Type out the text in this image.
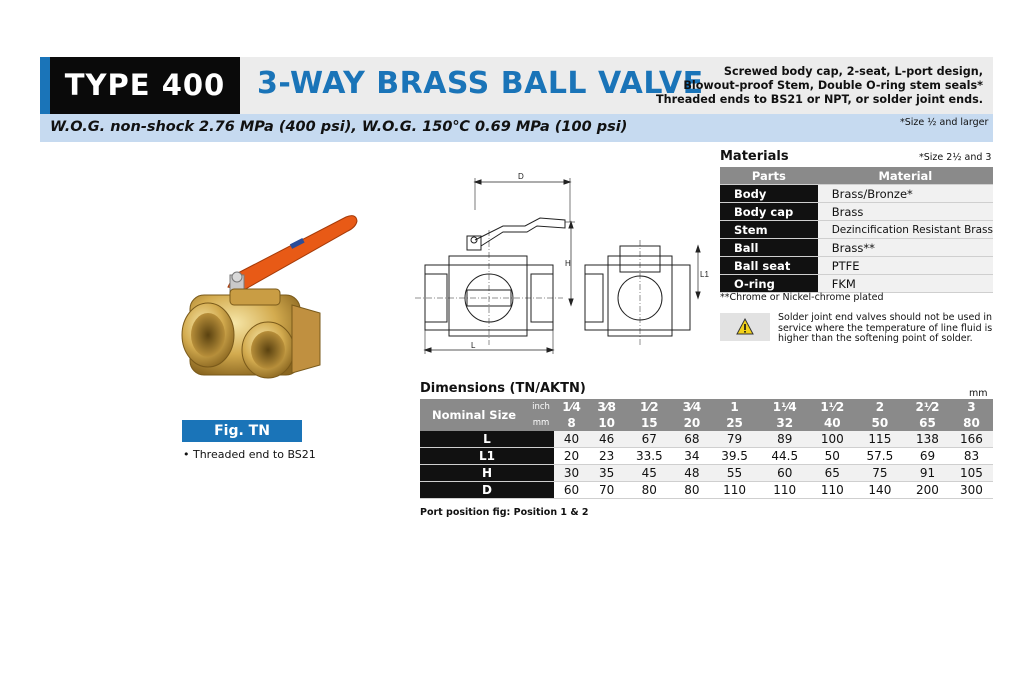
TYPE 400	3-WAY BRASS BALL VALVE	Screwed body cap, 2-seat, L-port design,
Blowout-proof Stem, Double O-ring stem seals*
Threaded ends to BS21 or NPT, or solder joint ends.
W.O.G. non-shock 2.76 MPa (400 psi), W.O.G. 150℃ 0.69 MPa (100 psi)	*Size ½ and larger
Fig. TN
• Threaded end to BS21
D
H
L
L1
Materials	*Size 2½ and 3
Parts	Material
Body	Brass/Bronze*
Body cap	Brass
Stem	Dezincification Resistant Brass
Ball	Brass**
Ball seat	PTFE
O-ring	FKM
**Chrome or Nickel-chrome plated
Solder joint end valves should not be used in service where the temperature of line fluid is higher than the softening point of solder.
Dimensions (TN/AKTN)	mm
Nominal Size	inch	1⁄4	3⁄8	1⁄2	3⁄4	1	1¹⁄4	1¹⁄2	2	2¹⁄2	3
	mm	8	10	15	20	25	32	40	50	65	80
L		40	46	67	68	79	89	100	115	138	166
L1		20	23	33.5	34	39.5	44.5	50	57.5	69	83
H		30	35	45	48	55	60	65	75	91	105
D		60	70	80	80	110	110	110	140	200	300
Port position fig: Position 1 & 2
